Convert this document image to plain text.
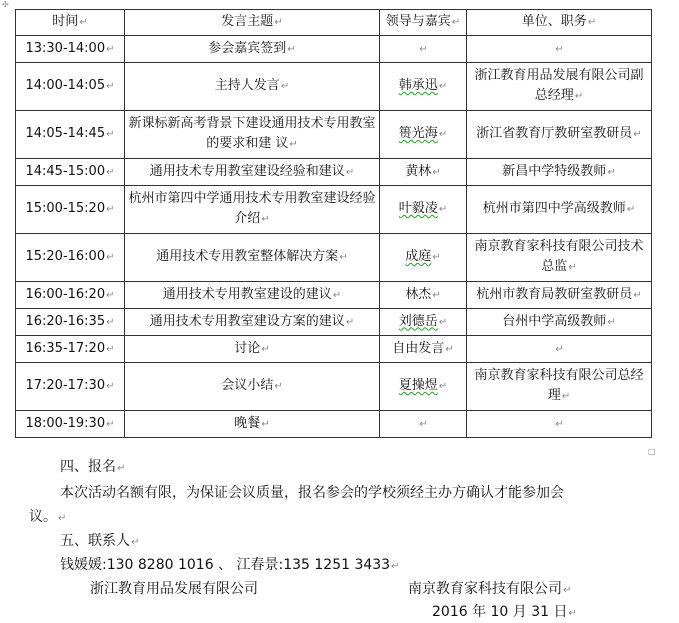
时间↵	发言主题↵	领导与嘉宾↵	单位、职务↵
13:30-14:00↵	参会嘉宾签到↵	↵	↵
14:00-14:05↵	主持人发言↵	韩承迅↵	浙江教育用品发展有限公司副总经理↵
14:05-14:45↵	新课标新高考背景下建设通用技术专用教室的要求和建 议↵	篑光海↵	浙江省教育厅教研室教研员↵
14:45-15:00↵	通用技术专用教室建设经验和建议↵	黄林↵	新昌中学特级教师↵
15:00-15:20↵	杭州市第四中学通用技术专用教室建设经验介绍↵	叶毅凌↵	杭州市第四中学高级教师↵
15:20-16:00↵	通用技术专用教室整体解决方案↵	成庭↵	南京教育家科技有限公司技术总监↵
16:00-16:20↵	通用技术专用教室建设的建议↵	林杰↵	杭州市教育局教研室教研员↵
16:20-16:35↵	通用技术专用教室建设方案的建议↵	刘德岳↵	台州中学高级教师↵
16:35-17:20↵	讨论↵	自由发言↵	↵
17:20-17:30↵	会议小结↵	夏操煜↵	南京教育家科技有限公司总经理↵
18:00-19:30↵	晚餐↵	↵	↵
✣
□
四、报名↵
本次活动名额有限，为保证会议质量，报名参会的学校须经主办方确认才能参加会
议。↵
五、联系人↵
钱媛媛:130 8280 1016 、 江春景:135 1251 3433↵
浙江教育用品发展有限公司	南京教育家科技有限公司↵
2016 年 10 月 31 日↵
